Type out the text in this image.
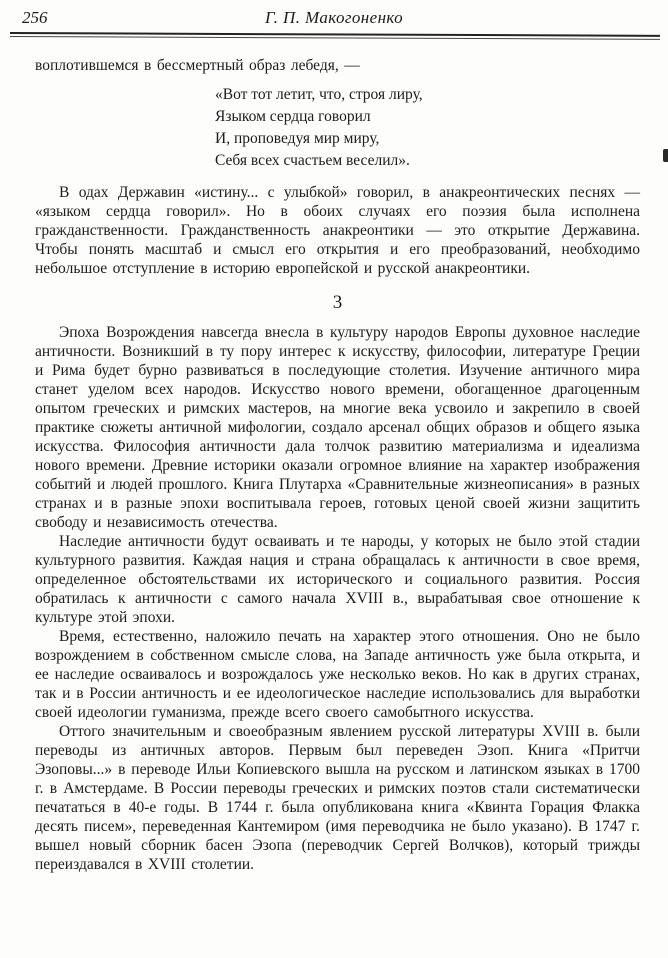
256	Г. П. Макогоненко

воплотившемся в бессмертный образ лебедя, —

«Вот тот летит, что, строя лиру,
Языком сердца говорил
И, проповедуя мир миру,
Себя всех счастьем веселил».

В одах Державин «истину... с улыбкой» говорил, в анакреонтических песнях — «языком сердца говорил». Но в обоих случаях его поэзия была исполнена гражданственности. Гражданственность анакреонтики — это открытие Державина. Чтобы понять масштаб и смысл его открытия и его преобразований, необходимо небольшое отступление в историю европейской и русской анакреонтики.

3

Эпоха Возрождения навсегда внесла в культуру народов Европы духовное наследие античности. Возникший в ту пору интерес к искусству, философии, литературе Греции и Рима будет бурно развиваться в последующие столетия. Изучение античного мира станет уделом всех народов. Искусство нового времени, обогащенное драгоценным опытом греческих и римских мастеров, на многие века усвоило и закрепило в своей практике сюжеты античной мифологии, создало арсенал общих образов и общего языка искусства. Философия античности дала толчок развитию материализма и идеализма нового времени. Древние историки оказали огромное влияние на характер изображения событий и людей прошлого. Книга Плутарха «Сравнительные жизнеописания» в разных странах и в разные эпохи воспитывала героев, готовых ценой своей жизни защитить свободу и независимость отечества.

Наследие античности будут осваивать и те народы, у которых не было этой стадии культурного развития. Каждая нация и страна обращалась к античности в свое время, определенное обстоятельствами их исторического и социального развития. Россия обратилась к античности с самого начала XVIII в., вырабатывая свое отношение к культуре этой эпохи.

Время, естественно, наложило печать на характер этого отношения. Оно не было возрождением в собственном смысле слова, на Западе античность уже была открыта, и ее наследие осваивалось и возрождалось уже несколько веков. Но как в других странах, так и в России античность и ее идеологическое наследие использовались для выработки своей идеологии гуманизма, прежде всего своего самобытного искусства.

Оттого значительным и своеобразным явлением русской литературы XVIII в. были переводы из античных авторов. Первым был переведен Эзоп. Книга «Притчи Эзоповы...» в переводе Ильи Копиевского вышла на русском и латинском языках в 1700 г. в Амстердаме. В России переводы греческих и римских поэтов стали систематически печататься в 40-е годы. В 1744 г. была опубликована книга «Квинта Горация Флакка десять писем», переведенная Кантемиром (имя переводчика не было указано). В 1747 г. вышел новый сборник басен Эзопа (переводчик Сергей Волчков), который трижды переиздавался в XVIII столетии.
